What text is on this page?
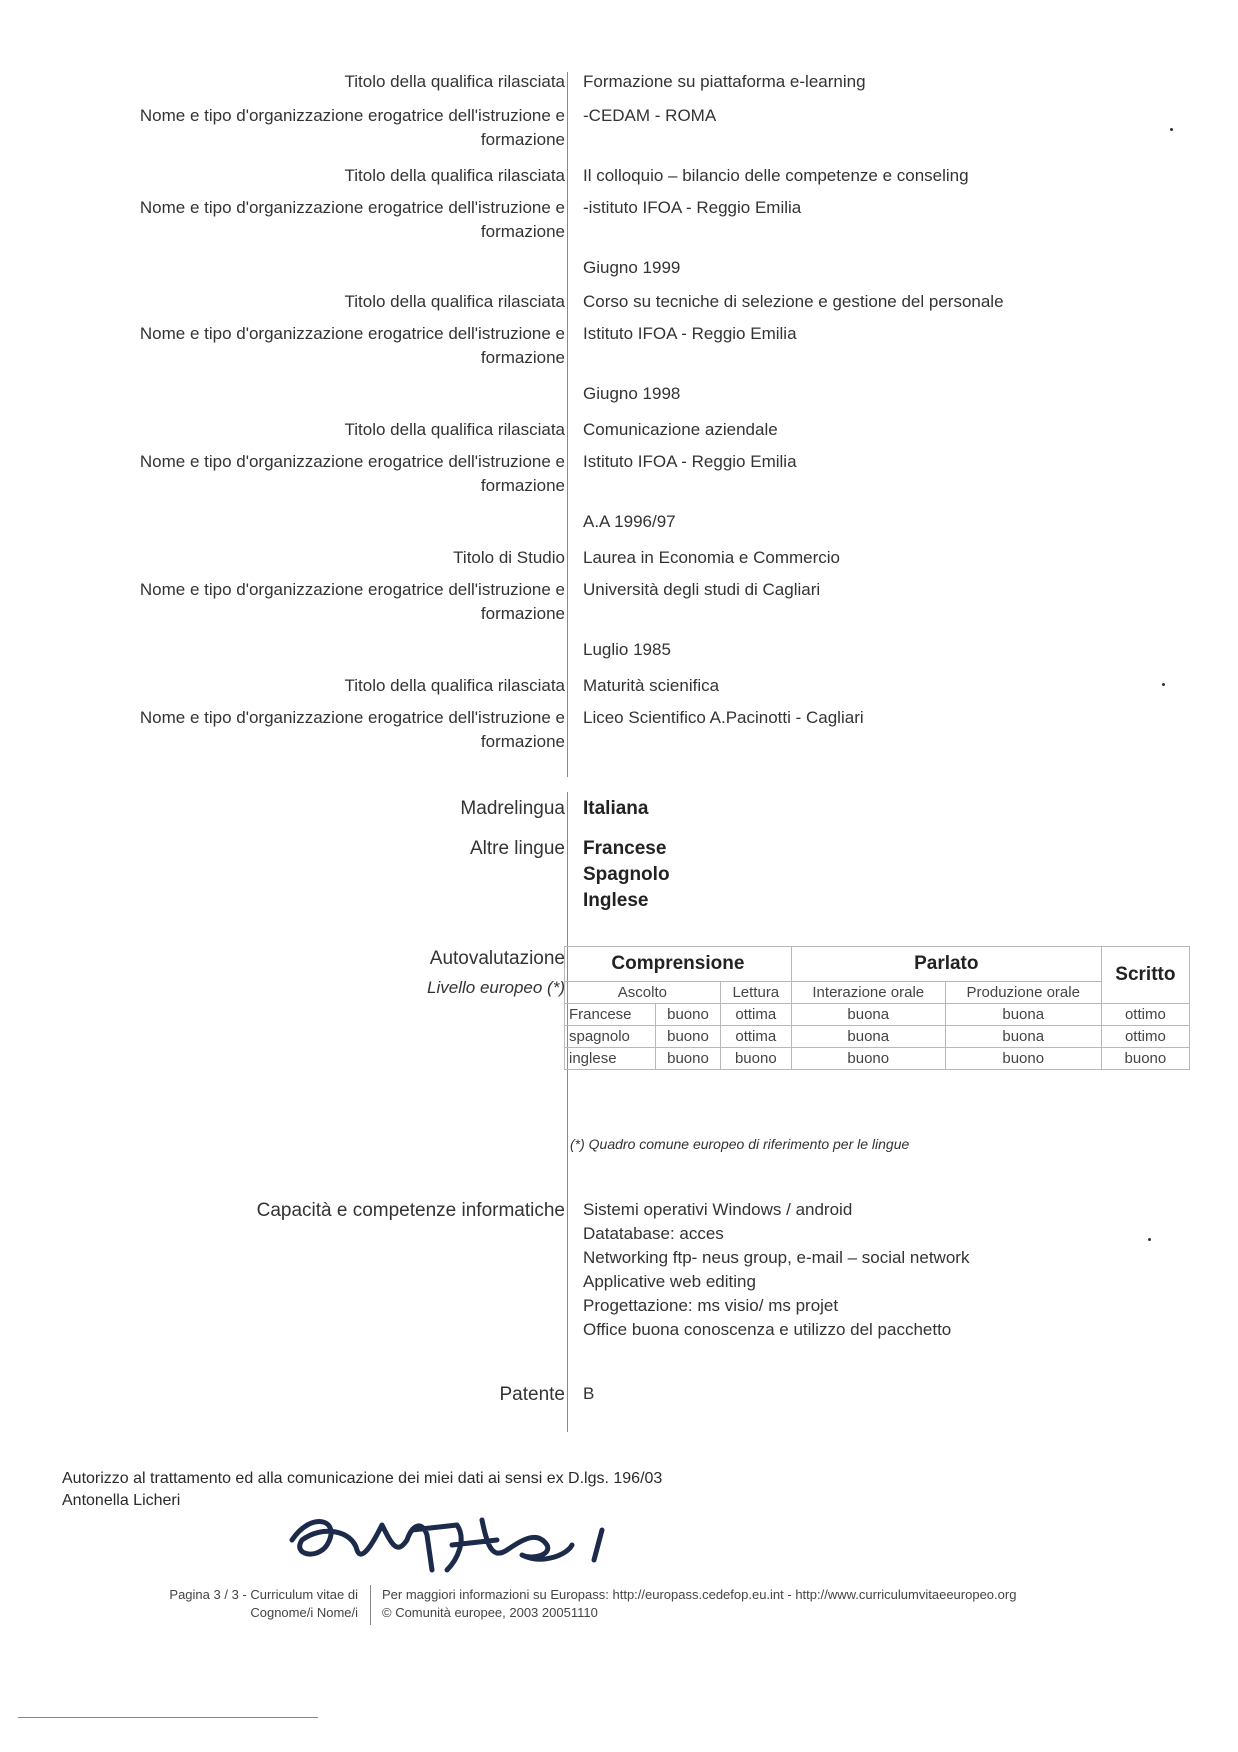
Titolo della qualifica rilasciata Formazione su piattaforma e-learning
Nome e tipo d'organizzazione erogatrice dell'istruzione e -CEDAM - ROMA
formazione
Titolo della qualifica rilasciata Il colloquio – bilancio delle competenze e conseling
Nome e tipo d'organizzazione erogatrice dell'istruzione e -istituto IFOA - Reggio Emilia
formazione
Giugno 1999
Titolo della qualifica rilasciata Corso su tecniche di selezione e gestione del personale
Nome e tipo d'organizzazione erogatrice dell'istruzione e Istituto IFOA - Reggio Emilia
formazione
Giugno 1998
Titolo della qualifica rilasciata Comunicazione aziendale
Nome e tipo d'organizzazione erogatrice dell'istruzione e Istituto IFOA - Reggio Emilia
formazione
A.A 1996/97
Titolo di Studio Laurea in Economia e Commercio
Nome e tipo d'organizzazione erogatrice dell'istruzione e Università degli studi di Cagliari
formazione
Luglio 1985
Titolo della qualifica rilasciata Maturità scienifica
Nome e tipo d'organizzazione erogatrice dell'istruzione e Liceo Scientifico A.Pacinotti - Cagliari
formazione
Madrelingua Italiana
Altre lingue Francese
Spagnolo
Inglese
Autovalutazione
Livello europeo (*)
Comprensione			Parlato		Scritto
Ascolto		Lettura	Interazione orale	Produzione orale	
Francese	buono	ottima	buona	buona	ottimo
spagnolo	buono	ottima	buona	buona	ottimo
inglese	buono	buono	buono	buono	buono
(*) Quadro comune europeo di riferimento per le lingue
Capacità e competenze informatiche Sistemi operativi Windows / android
Datatabase: acces
Networking ftp- neus group, e-mail – social network
Applicative web editing
Progettazione: ms visio/ ms projet
Office buona conoscenza e utilizzo del pacchetto
Patente B
Autorizzo al trattamento ed alla comunicazione dei miei dati ai sensi ex D.lgs. 196/03
Antonella Licheri
Pagina 3 / 3 - Curriculum vitae di
Cognome/i Nome/i
Per maggiori informazioni su Europass: http://europass.cedefop.eu.int - http://www.curriculumvitaeeuropeo.org
© Comunità europee, 2003 20051110
